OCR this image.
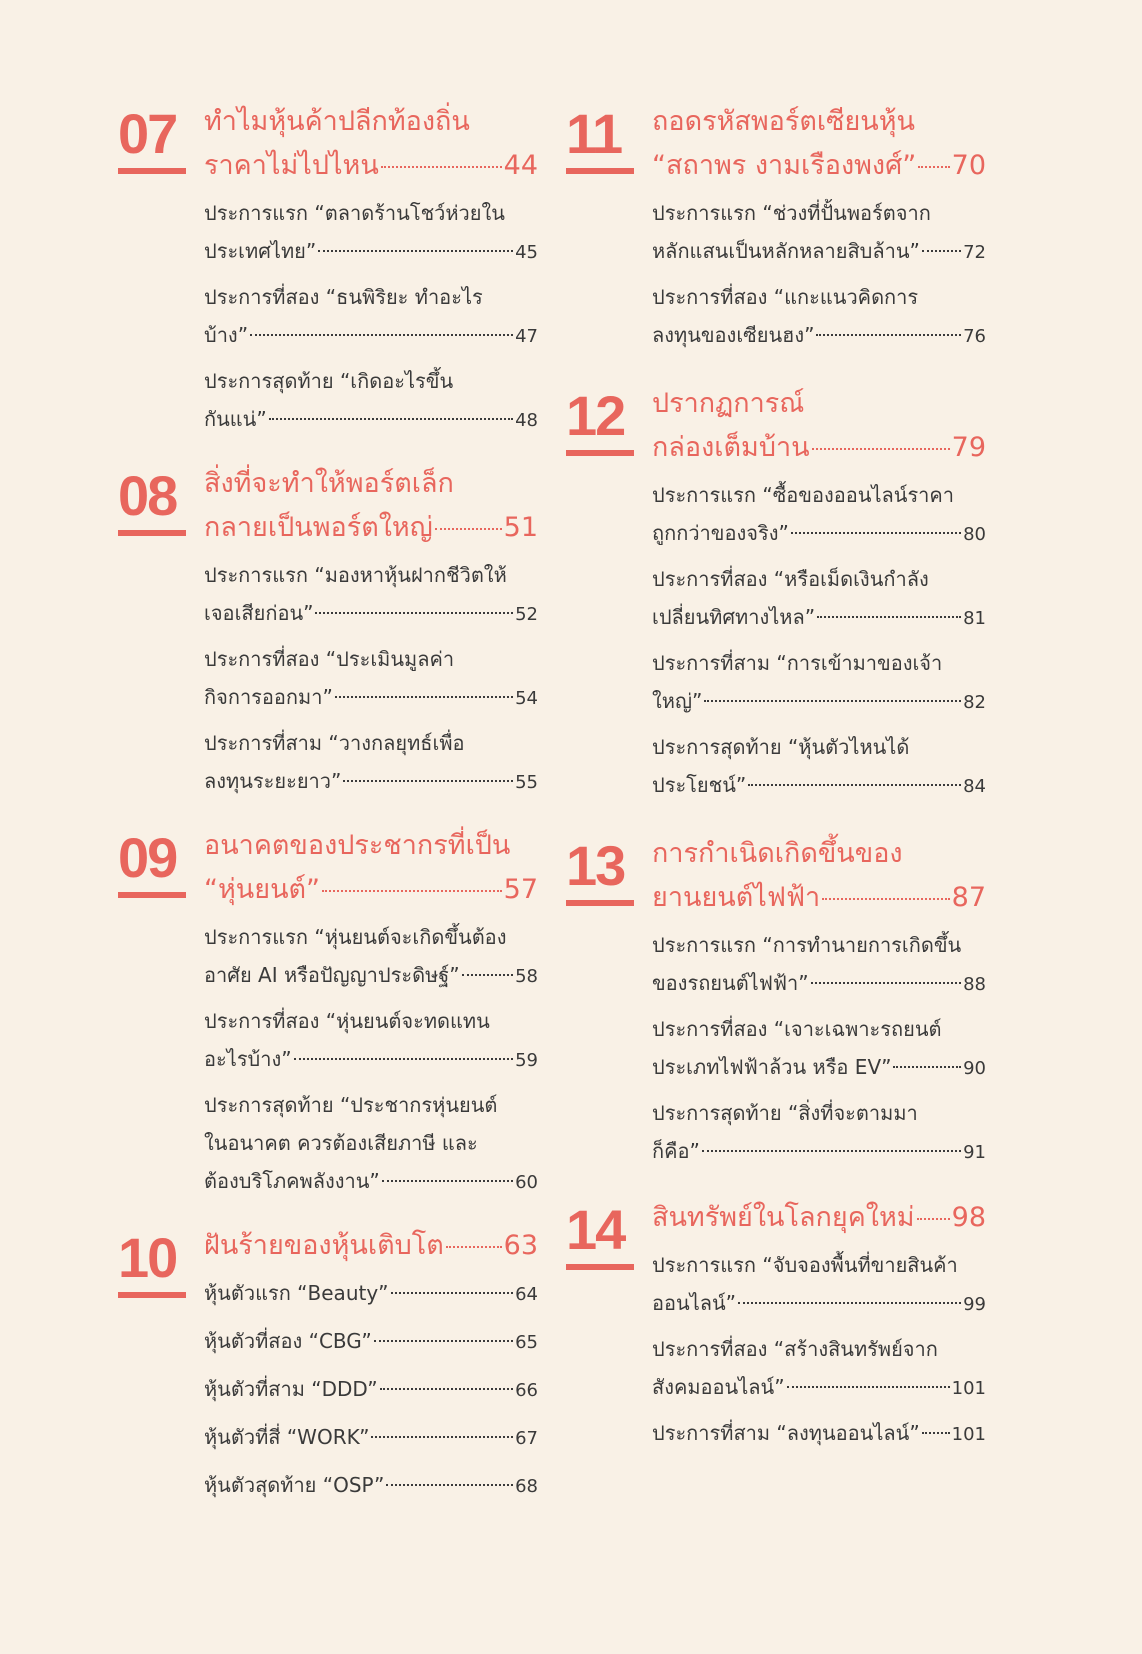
07	ทำไมหุ้นค้าปลีกท้องถิ่น
ราคาไม่ไปไหน	44
ประการแรก “ตลาดร้านโชว์ห่วยใน
ประเทศไทย”	45
ประการที่สอง “ธนพิริยะ ทำอะไร
บ้าง”	47
ประการสุดท้าย “เกิดอะไรขึ้น
กันแน่”	48
08	สิ่งที่จะทำให้พอร์ตเล็ก
กลายเป็นพอร์ตใหญ่	51
ประการแรก “มองหาหุ้นฝากชีวิตให้
เจอเสียก่อน”	52
ประการที่สอง “ประเมินมูลค่า
กิจการออกมา”	54
ประการที่สาม “วางกลยุทธ์เพื่อ
ลงทุนระยะยาว”	55
09	อนาคตของประชากรที่เป็น
“หุ่นยนต์”	57
ประการแรก “หุ่นยนต์จะเกิดขึ้นต้อง
อาศัย AI หรือปัญญาประดิษฐ์”	58
ประการที่สอง “หุ่นยนต์จะทดแทน
อะไรบ้าง”	59
ประการสุดท้าย “ประชากรหุ่นยนต์
ในอนาคต ควรต้องเสียภาษี และ
ต้องบริโภคพลังงาน”	60
10	ฝันร้ายของหุ้นเติบโต 63
หุ้นตัวแรก “Beauty”	64
หุ้นตัวที่สอง “CBG”	65
หุ้นตัวที่สาม “DDD”	66
หุ้นตัวที่สี่ “WORK”	67
หุ้นตัวสุดท้าย “OSP”	68
11	ถอดรหัสพอร์ตเซียนหุ้น
“สถาพร งามเรืองพงศ์” 70
ประการแรก “ช่วงที่ปั้นพอร์ตจาก
หลักแสนเป็นหลักหลายสิบล้าน” 72
ประการที่สอง “แกะแนวคิดการ
ลงทุนของเซียนฮง”	76
12	ปรากฏการณ์
กล่องเต็มบ้าน	79
ประการแรก “ซื้อของออนไลน์ราคา
ถูกกว่าของจริง”	80
ประการที่สอง “หรือเม็ดเงินกำลัง
เปลี่ยนทิศทางไหล”	81
ประการที่สาม “การเข้ามาของเจ้า
ใหญ่”	82
ประการสุดท้าย “หุ้นตัวไหนได้
ประโยชน์”	84
13	การกำเนิดเกิดขึ้นของ
ยานยนต์ไฟฟ้า	87
ประการแรก “การทำนายการเกิดขึ้น
ของรถยนต์ไฟฟ้า”	88
ประการที่สอง “เจาะเฉพาะรถยนต์
ประเภทไฟฟ้าล้วน หรือ EV”	90
ประการสุดท้าย “สิ่งที่จะตามมา
ก็คือ”	91
14	สินทรัพย์ในโลกยุคใหม่ 98
ประการแรก “จับจองพื้นที่ขายสินค้า
ออนไลน์”	99
ประการที่สอง “สร้างสินทรัพย์จาก
สังคมออนไลน์”	101
ประการที่สาม “ลงทุนออนไลน์” 101
